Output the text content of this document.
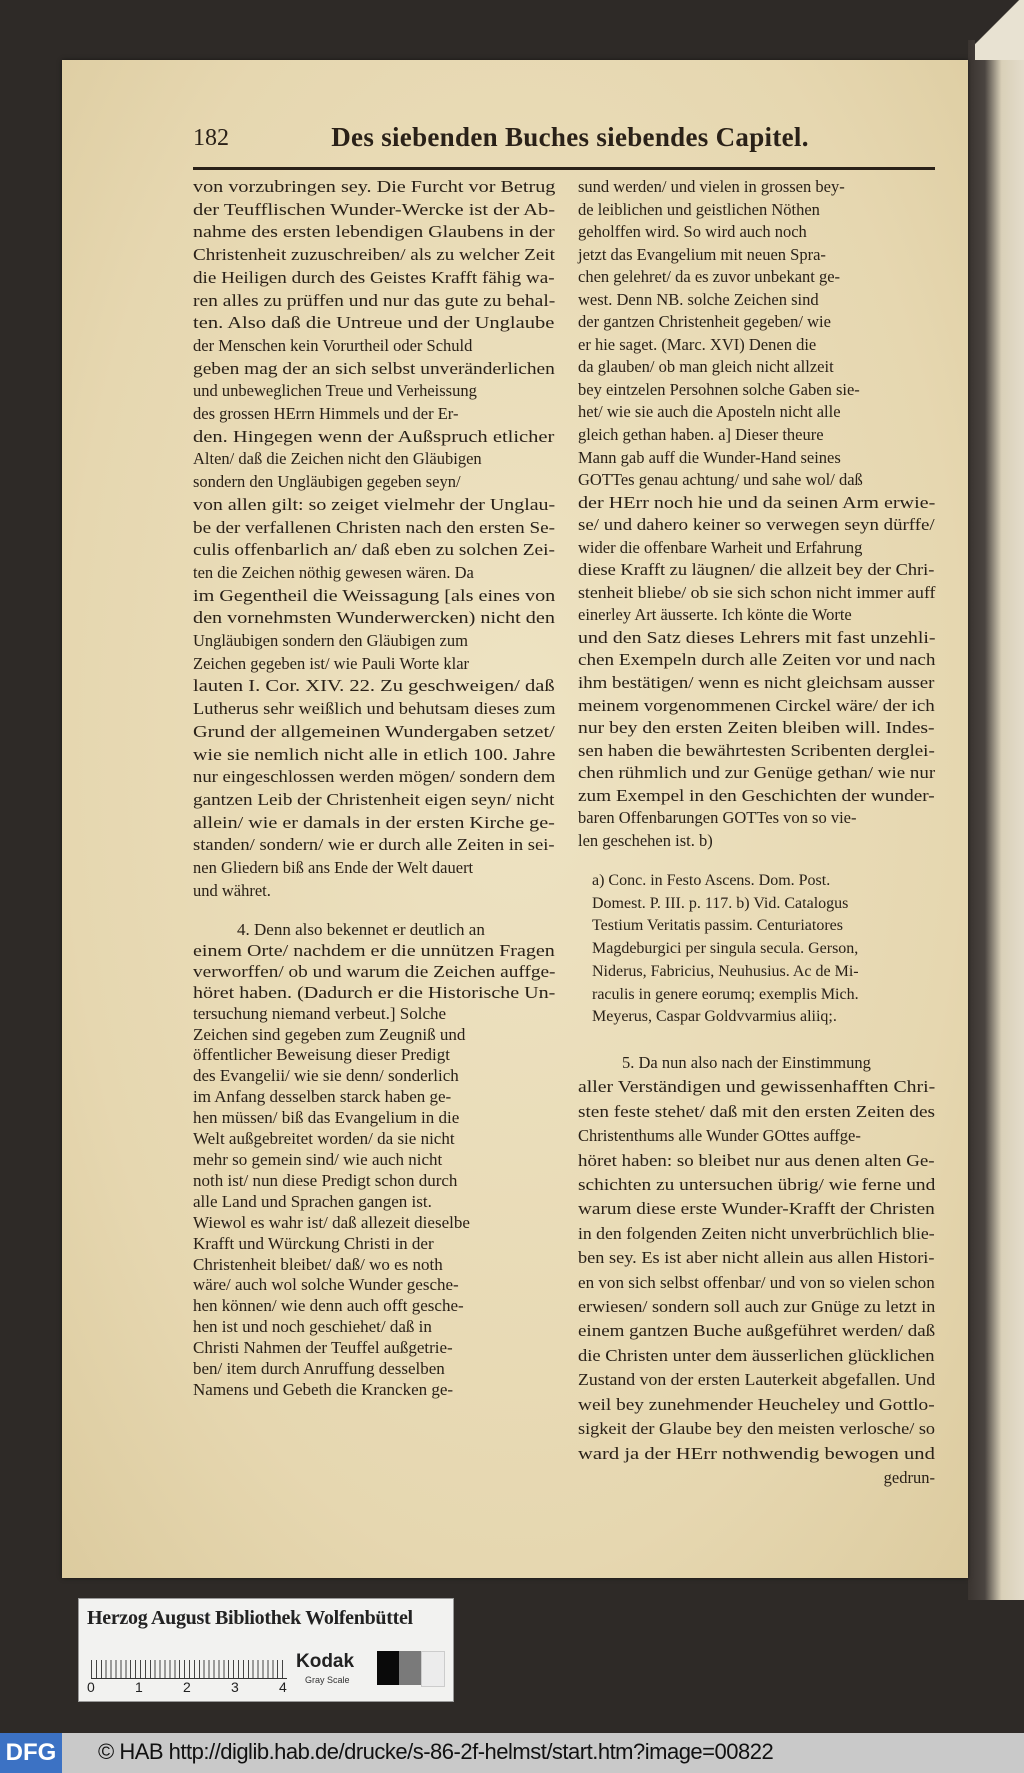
182	Des siebenden Buches siebendes Capitel.
von vorzubringen sey. Die Furcht vor Betrug
der Teufflischen Wunder-Wercke ist der Ab-
nahme des ersten lebendigen Glaubens in der
Christenheit zuzuschreiben/ als zu welcher Zeit
die Heiligen durch des Geistes Krafft fähig wa-
ren alles zu prüffen und nur das gute zu behal-
ten. Also daß die Untreue und der Unglaube
der Menschen kein Vorurtheil oder Schuld
geben mag der an sich selbst unveränderlichen
und unbeweglichen Treue und Verheissung
des grossen HErrn Himmels und der Er-
den. Hingegen wenn der Außspruch etlicher
Alten/ daß die Zeichen nicht den Gläubigen
sondern den Ungläubigen gegeben seyn/
von allen gilt: so zeiget vielmehr der Unglau-
be der verfallenen Christen nach den ersten Se-
culis offenbarlich an/ daß eben zu solchen Zei-
ten die Zeichen nöthig gewesen wären. Da
im Gegentheil die Weissagung [als eines von
den vornehmsten Wunderwercken) nicht den
Ungläubigen sondern den Gläubigen zum
Zeichen gegeben ist/ wie Pauli Worte klar
lauten I. Cor. XIV. 22. Zu geschweigen/ daß
Lutherus sehr weißlich und behutsam dieses zum
Grund der allgemeinen Wundergaben setzet/
wie sie nemlich nicht alle in etlich 100. Jahre
nur eingeschlossen werden mögen/ sondern dem
gantzen Leib der Christenheit eigen seyn/ nicht
allein/ wie er damals in der ersten Kirche ge-
standen/ sondern/ wie er durch alle Zeiten in sei-
nen Gliedern biß ans Ende der Welt dauert
und währet.
4. Denn also bekennet er deutlich an
einem Orte/ nachdem er die unnützen Fragen
verworffen/ ob und warum die Zeichen auffge-
höret haben. (Dadurch er die Historische Un-
tersuchung niemand verbeut.] Solche
Zeichen sind gegeben zum Zeugniß und
öffentlicher Beweisung dieser Predigt
des Evangelii/ wie sie denn/ sonderlich
im Anfang desselben starck haben ge-
hen müssen/ biß das Evangelium in die
Welt außgebreitet worden/ da sie nicht
mehr so gemein sind/ wie auch nicht
noth ist/ nun diese Predigt schon durch
alle Land und Sprachen gangen ist.
Wiewol es wahr ist/ daß allezeit dieselbe
Krafft und Würckung Christi in der
Christenheit bleibet/ daß/ wo es noth
wäre/ auch wol solche Wunder gesche-
hen können/ wie denn auch offt gesche-
hen ist und noch geschiehet/ daß in
Christi Nahmen der Teuffel außgetrie-
ben/ item durch Anruffung desselben
Namens und Gebeth die Krancken ge-
sund werden/ und vielen in grossen bey-
de leiblichen und geistlichen Nöthen
geholffen wird. So wird auch noch
jetzt das Evangelium mit neuen Spra-
chen gelehret/ da es zuvor unbekant ge-
west. Denn NB. solche Zeichen sind
der gantzen Christenheit gegeben/ wie
er hie saget. (Marc. XVI) Denen die
da glauben/ ob man gleich nicht allzeit
bey eintzelen Persohnen solche Gaben sie-
het/ wie sie auch die Aposteln nicht alle
gleich gethan haben. a] Dieser theure
Mann gab auff die Wunder-Hand seines
GOTTes genau achtung/ und sahe wol/ daß
der HErr noch hie und da seinen Arm erwie-
se/ und dahero keiner so verwegen seyn dürffe/
wider die offenbare Warheit und Erfahrung
diese Krafft zu läugnen/ die allzeit bey der Chri-
stenheit bliebe/ ob sie sich schon nicht immer auff
einerley Art äusserte. Ich könte die Worte
und den Satz dieses Lehrers mit fast unzehli-
chen Exempeln durch alle Zeiten vor und nach
ihm bestätigen/ wenn es nicht gleichsam ausser
meinem vorgenommenen Circkel wäre/ der ich
nur bey den ersten Zeiten bleiben will. Indes-
sen haben die bewährtesten Scribenten derglei-
chen rühmlich und zur Genüge gethan/ wie nur
zum Exempel in den Geschichten der wunder-
baren Offenbarungen GOTTes von so vie-
len geschehen ist. b)
a) Conc. in Festo Ascens. Dom. Post.
Domest. P. III. p. 117. b) Vid. Catalogus
Testium Veritatis passim. Centuriatores
Magdeburgici per singula secula. Gerson,
Niderus, Fabricius, Neuhusius. Ac de Mi-
raculis in genere eorumq; exemplis Mich.
Meyerus, Caspar Goldvvarmius aliiq;.
5. Da nun also nach der Einstimmung
aller Verständigen und gewissenhafften Chri-
sten feste stehet/ daß mit den ersten Zeiten des
Christenthums alle Wunder GOttes auffge-
höret haben: so bleibet nur aus denen alten Ge-
schichten zu untersuchen übrig/ wie ferne und
warum diese erste Wunder-Krafft der Christen
in den folgenden Zeiten nicht unverbrüchlich blie-
ben sey. Es ist aber nicht allein aus allen Histori-
en von sich selbst offenbar/ und von so vielen schon
erwiesen/ sondern soll auch zur Gnüge zu letzt in
einem gantzen Buche außgeführet werden/ daß
die Christen unter dem äusserlichen glücklichen
Zustand von der ersten Lauterkeit abgefallen. Und
weil bey zunehmender Heucheley und Gottlo-
sigkeit der Glaube bey den meisten verlosche/ so
ward ja der HErr nothwendig bewogen und
gedrun-
Herzog August Bibliothek Wolfenbüttel
0	1	2	3	4
Kodak
Gray Scale
DFG © HAB http://diglib.hab.de/drucke/s-86-2f-helmst/start.htm?image=00822
